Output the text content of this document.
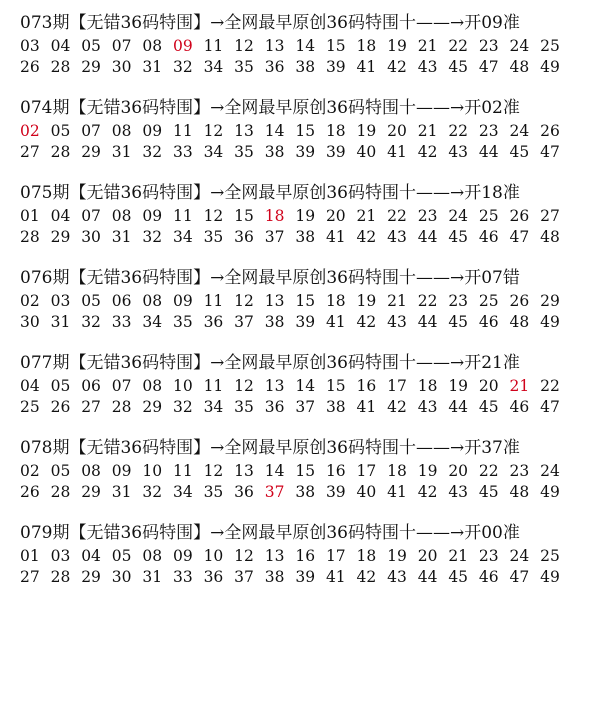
073期【无错36码特围】→全网最早原创36码特围十——→开09准
03 04 05 07 08 09 11 12 13 14 15 18 19 21 22 23 24 25
26 28 29 30 31 32 34 35 36 38 39 41 42 43 45 47 48 49
074期【无错36码特围】→全网最早原创36码特围十——→开02准
02 05 07 08 09 11 12 13 14 15 18 19 20 21 22 23 24 26
27 28 29 31 32 33 34 35 38 39 39 40 41 42 43 44 45 47
075期【无错36码特围】→全网最早原创36码特围十——→开18准
01 04 07 08 09 11 12 15 18 19 20 21 22 23 24 25 26 27
28 29 30 31 32 34 35 36 37 38 41 42 43 44 45 46 47 48
076期【无错36码特围】→全网最早原创36码特围十——→开07错
02 03 05 06 08 09 11 12 13 15 18 19 21 22 23 25 26 29
30 31 32 33 34 35 36 37 38 39 41 42 43 44 45 46 48 49
077期【无错36码特围】→全网最早原创36码特围十——→开21准
04 05 06 07 08 10 11 12 13 14 15 16 17 18 19 20 21 22
25 26 27 28 29 32 34 35 36 37 38 41 42 43 44 45 46 47
078期【无错36码特围】→全网最早原创36码特围十——→开37准
02 05 08 09 10 11 12 13 14 15 16 17 18 19 20 22 23 24
26 28 29 31 32 34 35 36 37 38 39 40 41 42 43 45 48 49
079期【无错36码特围】→全网最早原创36码特围十——→开00准
01 03 04 05 08 09 10 12 13 16 17 18 19 20 21 23 24 25
27 28 29 30 31 33 36 37 38 39 41 42 43 44 45 46 47 49
